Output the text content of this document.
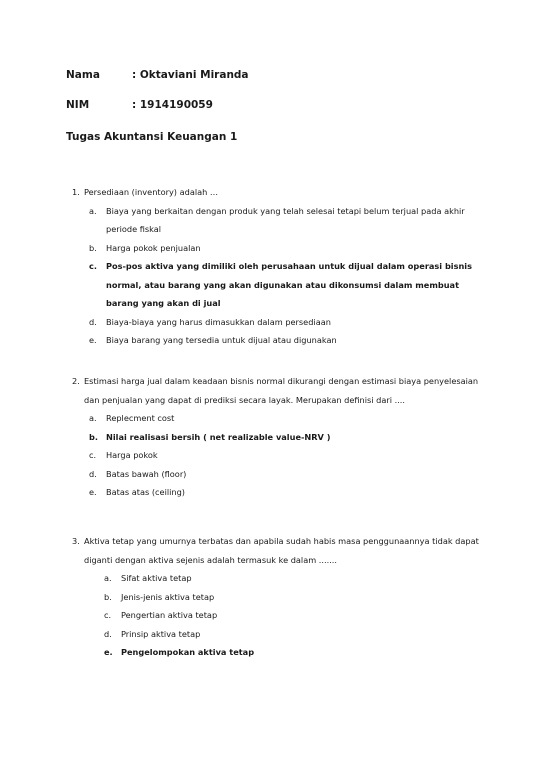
Nama	: Oktaviani Miranda
NIM	: 1914190059
Tugas Akuntansi Keuangan 1
1. Persediaan (inventory) adalah …
a. Biaya yang berkaitan dengan produk yang telah selesai tetapi belum terjual pada akhir periode fiskal
b. Harga pokok penjualan
c. Pos-pos aktiva yang dimiliki oleh perusahaan untuk dijual dalam operasi bisnis normal, atau barang yang akan digunakan atau dikonsumsi dalam membuat barang yang akan di jual
d. Biaya-biaya yang harus dimasukkan dalam persediaan
e. Biaya barang yang tersedia untuk dijual atau digunakan
2. Estimasi harga jual dalam keadaan bisnis normal dikurangi dengan estimasi biaya penyelesaian dan penjualan yang dapat di prediksi secara layak. Merupakan definisi dari ....
a. Replecment cost
b. Nilai realisasi bersih ( net realizable value-NRV )
c. Harga pokok
d. Batas bawah (floor)
e. Batas atas (ceiling)
3. Aktiva tetap yang umurnya terbatas dan apabila sudah habis masa penggunaannya tidak dapat diganti dengan aktiva sejenis adalah termasuk ke dalam .......
a. Sifat aktiva tetap
b. Jenis-jenis aktiva tetap
c. Pengertian aktiva tetap
d. Prinsip aktiva tetap
e. Pengelompokan aktiva tetap
